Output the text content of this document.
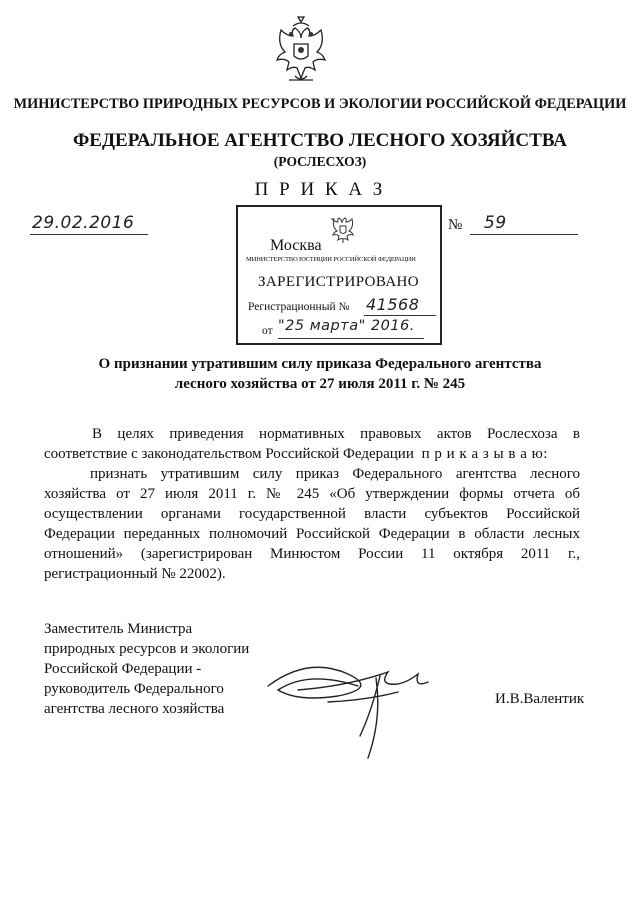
МИНИСТЕРСТВО ПРИРОДНЫХ РЕСУРСОВ И ЭКОЛОГИИ РОССИЙСКОЙ ФЕДЕРАЦИИ
ФЕДЕРАЛЬНОЕ АГЕНТСТВО ЛЕСНОГО ХОЗЯЙСТВА
(РОСЛЕСХОЗ)
П Р И К А З
29.02.2016	№ 59
Москва
МИНИСТЕРСТВО ЮСТИЦИИ РОССИЙСКОЙ ФЕДЕРАЦИИ
ЗАРЕГИСТРИРОВАНО
Регистрационный № 41568
от "25 марта" 2016.
О признании утратившим силу приказа Федерального агентства
лесного хозяйства от 27 июля 2011 г. № 245
В целях приведения нормативных правовых актов Рослесхоза в
соответствие с законодательством Российской Федерации п р и к а з ы в а ю:
признать утратившим силу приказ Федерального агентства лесного
хозяйства от 27 июля 2011 г. № 245 «Об утверждении формы отчета об
осуществлении органами государственной власти субъектов Российской
Федерации переданных полномочий Российской Федерации в области лесных
отношений» (зарегистрирован Минюстом России 11 октября 2011 г.,
регистрационный № 22002).
Заместитель Министра
природных ресурсов и экологии
Российской Федерации -
руководитель Федерального
агентства лесного хозяйства
И.В.Валентик
